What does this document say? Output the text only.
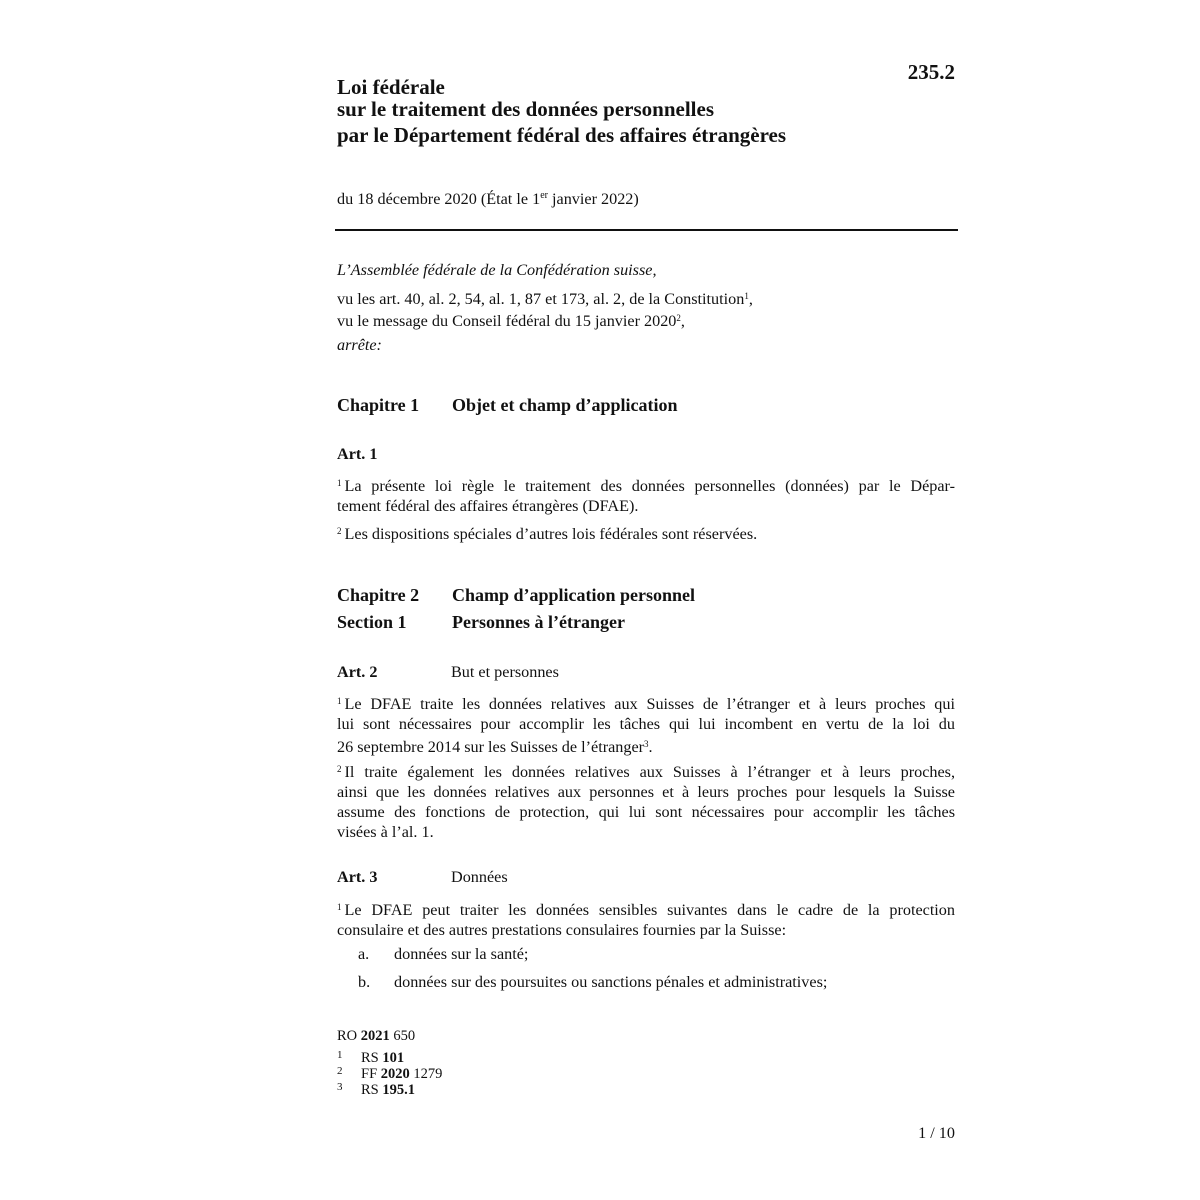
235.2
Loi fédérale
sur le traitement des données personnelles
par le Département fédéral des affaires étrangères
du 18 décembre 2020 (État le 1er janvier 2022)
L’Assemblée fédérale de la Confédération suisse,
vu les art. 40, al. 2, 54, al. 1, 87 et 173, al. 2, de la Constitution$^1$,
vu le message du Conseil fédéral du 15 janvier 2020$^2$,
arrête:
Chapitre 1 Objet et champ d’application
Art. 1
$^1$ La présente loi règle le traitement des données personnelles (données) par le Dépar-
tement fédéral des affaires étrangères (DFAE).
$^2$ Les dispositions spéciales d’autres lois fédérales sont réservées.
Chapitre 2 Champ d’application personnel
Section 1	Personnes à l’étranger
Art. 2	But et personnes
$^1$ Le DFAE traite les données relatives aux Suisses de l’étranger et à leurs proches qui
lui sont nécessaires pour accomplir les tâches qui lui incombent en vertu de la loi du
26 septembre 2014 sur les Suisses de l’étranger$^3$.
$^2$ Il traite également les données relatives aux Suisses à l’étranger et à leurs proches,
ainsi que les données relatives aux personnes et à leurs proches pour lesquels la Suisse
assume des fonctions de protection, qui lui sont nécessaires pour accomplir les tâches
visées à l’al. 1.
Art. 3	Données
$^1$ Le DFAE peut traiter les données sensibles suivantes dans le cadre de la protection
consulaire et des autres prestations consulaires fournies par la Suisse:
a. données sur la santé;
b. données sur des poursuites ou sanctions pénales et administratives;
RO 2021 650
1 RS 101
2 FF 2020 1279
3 RS 195.1
1 / 10
